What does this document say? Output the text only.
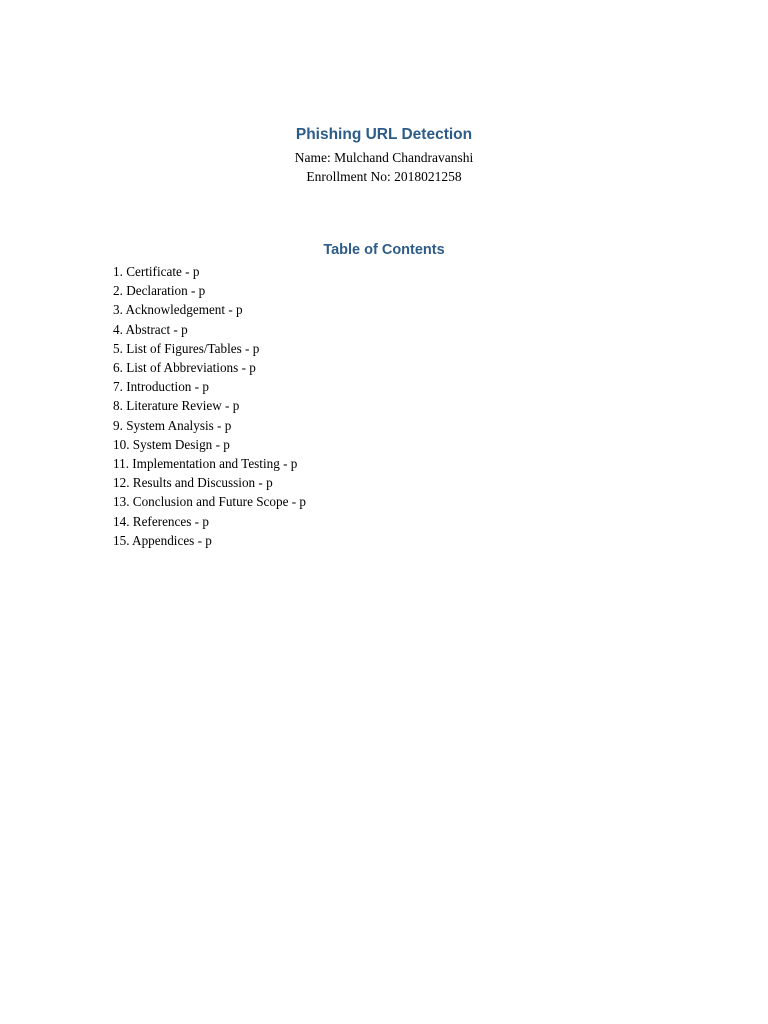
Phishing URL Detection
Name: Mulchand Chandravanshi
Enrollment No: 2018021258
Table of Contents
1. Certificate - p
2. Declaration - p
3. Acknowledgement - p
4. Abstract - p
5. List of Figures/Tables - p
6. List of Abbreviations - p
7. Introduction - p
8. Literature Review - p
9. System Analysis - p
10. System Design - p
11. Implementation and Testing - p
12. Results and Discussion - p
13. Conclusion and Future Scope - p
14. References - p
15. Appendices - p
